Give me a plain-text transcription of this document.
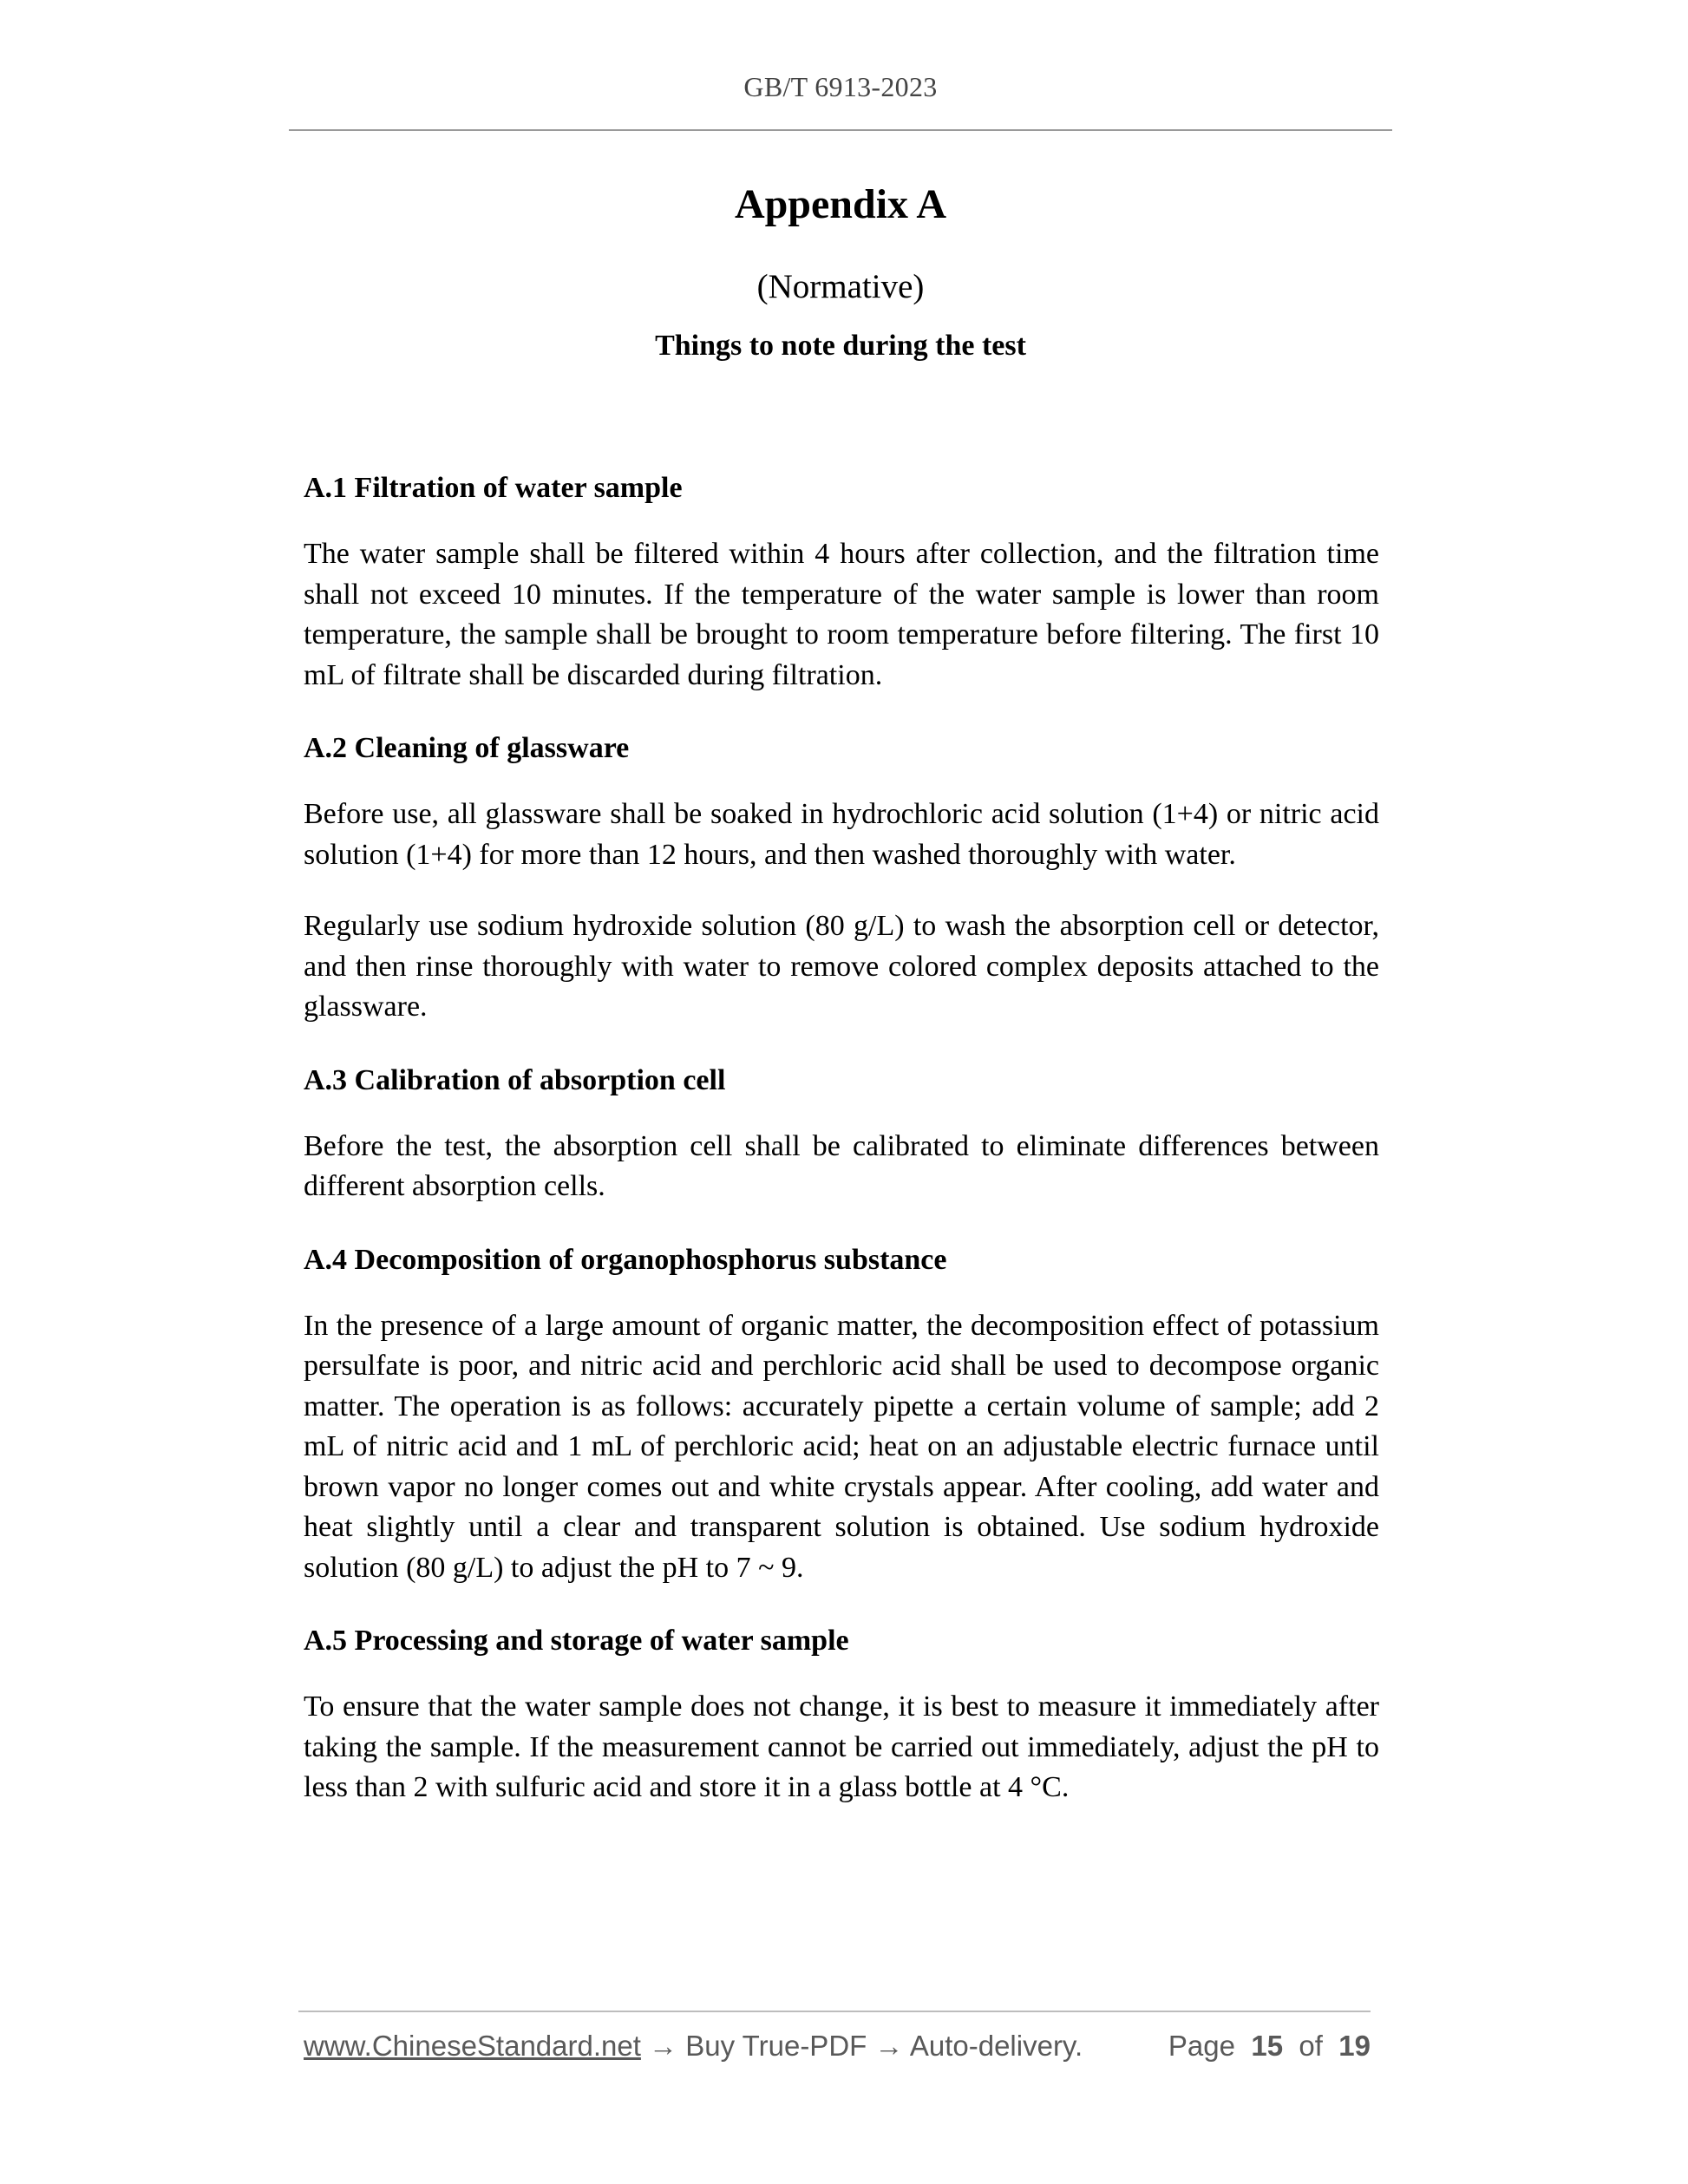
GB/T 6913-2023
Appendix A
(Normative)
Things to note during the test
A.1 Filtration of water sample

The water sample shall be filtered within 4 hours after collection, and the filtration time shall not exceed 10 minutes. If the temperature of the water sample is lower than room temperature, the sample shall be brought to room temperature before filtering. The first 10 mL of filtrate shall be discarded during filtration.

A.2 Cleaning of glassware

Before use, all glassware shall be soaked in hydrochloric acid solution (1+4) or nitric acid solution (1+4) for more than 12 hours, and then washed thoroughly with water.

Regularly use sodium hydroxide solution (80 g/L) to wash the absorption cell or detector, and then rinse thoroughly with water to remove colored complex deposits attached to the glassware.

A.3 Calibration of absorption cell

Before the test, the absorption cell shall be calibrated to eliminate differences between different absorption cells.

A.4 Decomposition of organophosphorus substance

In the presence of a large amount of organic matter, the decomposition effect of potassium persulfate is poor, and nitric acid and perchloric acid shall be used to decompose organic matter. The operation is as follows: accurately pipette a certain volume of sample; add 2 mL of nitric acid and 1 mL of perchloric acid; heat on an adjustable electric furnace until brown vapor no longer comes out and white crystals appear. After cooling, add water and heat slightly until a clear and transparent solution is obtained. Use sodium hydroxide solution (80 g/L) to adjust the pH to 7 ~ 9.

A.5 Processing and storage of water sample

To ensure that the water sample does not change, it is best to measure it immediately after taking the sample. If the measurement cannot be carried out immediately, adjust the pH to less than 2 with sulfuric acid and store it in a glass bottle at 4 °C.

www.ChineseStandard.net → Buy True-PDF → Auto-delivery.	Page 15 of 19
